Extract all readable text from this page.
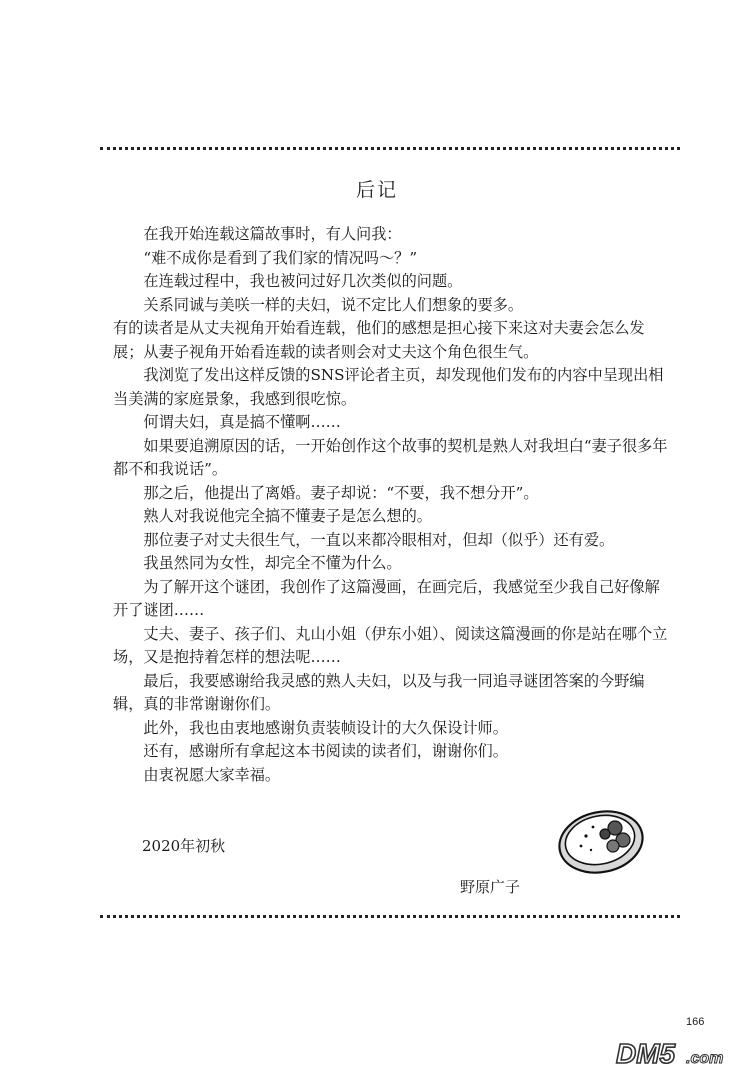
后记

在我开始连载这篇故事时，有人问我：

“难不成你是看到了我们家的情况吗～？”

在连载过程中，我也被问过好几次类似的问题。

关系同诚与美咲一样的夫妇，说不定比人们想象的要多。

有的读者是从丈夫视角开始看连载，他们的感想是担心接下来这对夫妻会怎么发展；从妻子视角开始看连载的读者则会对丈夫这个角色很生气。

我浏览了发出这样反馈的SNS评论者主页，却发现他们发布的内容中呈现出相当美满的家庭景象，我感到很吃惊。

何谓夫妇，真是搞不懂啊……

如果要追溯原因的话，一开始创作这个故事的契机是熟人对我坦白“妻子很多年都不和我说话”。

那之后，他提出了离婚。妻子却说：“不要，我不想分开”。

熟人对我说他完全搞不懂妻子是怎么想的。

那位妻子对丈夫很生气，一直以来都冷眼相对，但却（似乎）还有爱。

我虽然同为女性，却完全不懂为什么。

为了解开这个谜团，我创作了这篇漫画，在画完后，我感觉至少我自己好像解开了谜团……

丈夫、妻子、孩子们、丸山小姐（伊东小姐）、阅读这篇漫画的你是站在哪个立场，又是抱持着怎样的想法呢……

最后，我要感谢给我灵感的熟人夫妇，以及与我一同追寻谜团答案的今野编辑，真的非常谢谢你们。

此外，我也由衷地感谢负责装帧设计的大久保设计师。

还有，感谢所有拿起这本书阅读的读者们，谢谢你们。

由衷祝愿大家幸福。

2020年初秋
野原广子
166
DM5 .com
